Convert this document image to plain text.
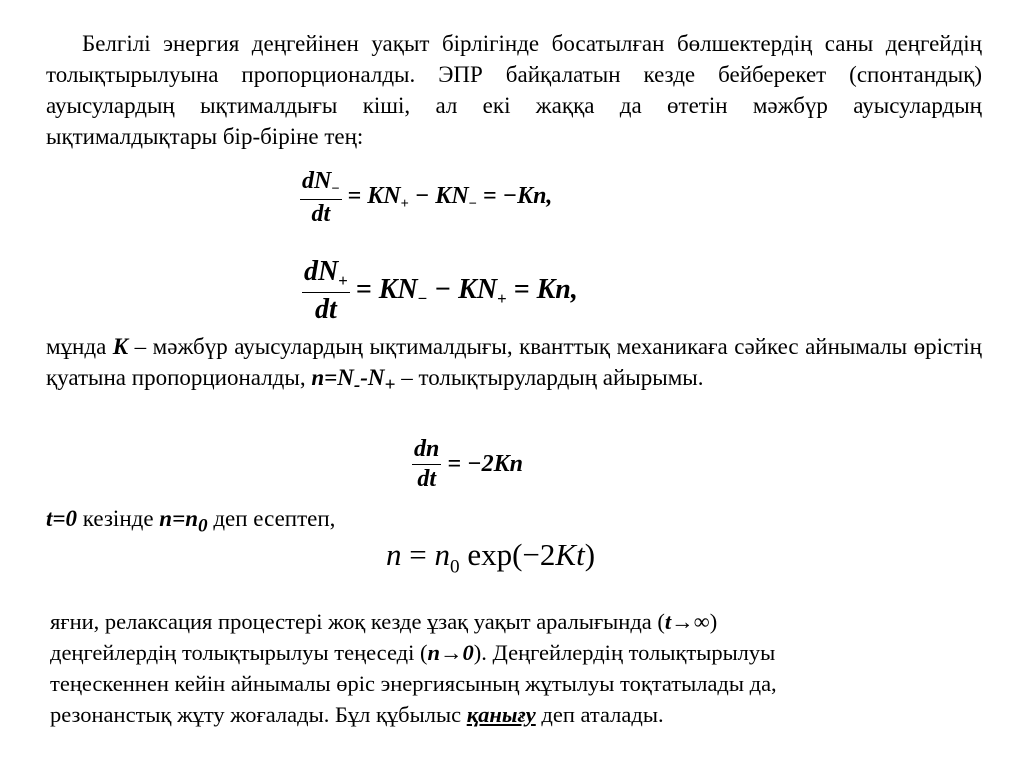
Белгілі энергия деңгейінен уақыт бірлігінде босатылған бөлшектердің саны деңгейдің толықтырылуына пропорционалды. ЭПР байқалатын кезде бейберекет (спонтандық) ауысулардың ықтималдығы кіші, ал екі жаққа да өтетін мәжбүр ауысулардың ықтималдықтары бір-біріне тең:
$\frac{dN_-}{dt} = KN_+ - KN_- = -Kn$,
$\frac{dN_+}{dt} = KN_- - KN_+ = Kn$,
мұнда K – мәжбүр ауысулардың ықтималдығы, кванттық механикаға сәйкес айнымалы өрістің қуатына пропорционалды, $n=N_--N_+$ – толықтырулардың айырымы.
$\frac{dn}{dt} = -2Kn$
t=0 кезінде $n=n_0$ деп есептеп,
$n = n_0$ exp(−2Kt)
яғни, релаксация процестері жоқ кезде ұзақ уақыт аралығында (t→∞)
деңгейлердің толықтырылуы теңеседі (n→0). Деңгейлердің толықтырылуы
теңескеннен кейін айнымалы өріс энергиясының жұтылуы тоқтатылады да,
резонанстық жұту жоғалады. Бұл құбылыс қанығу деп аталады.
